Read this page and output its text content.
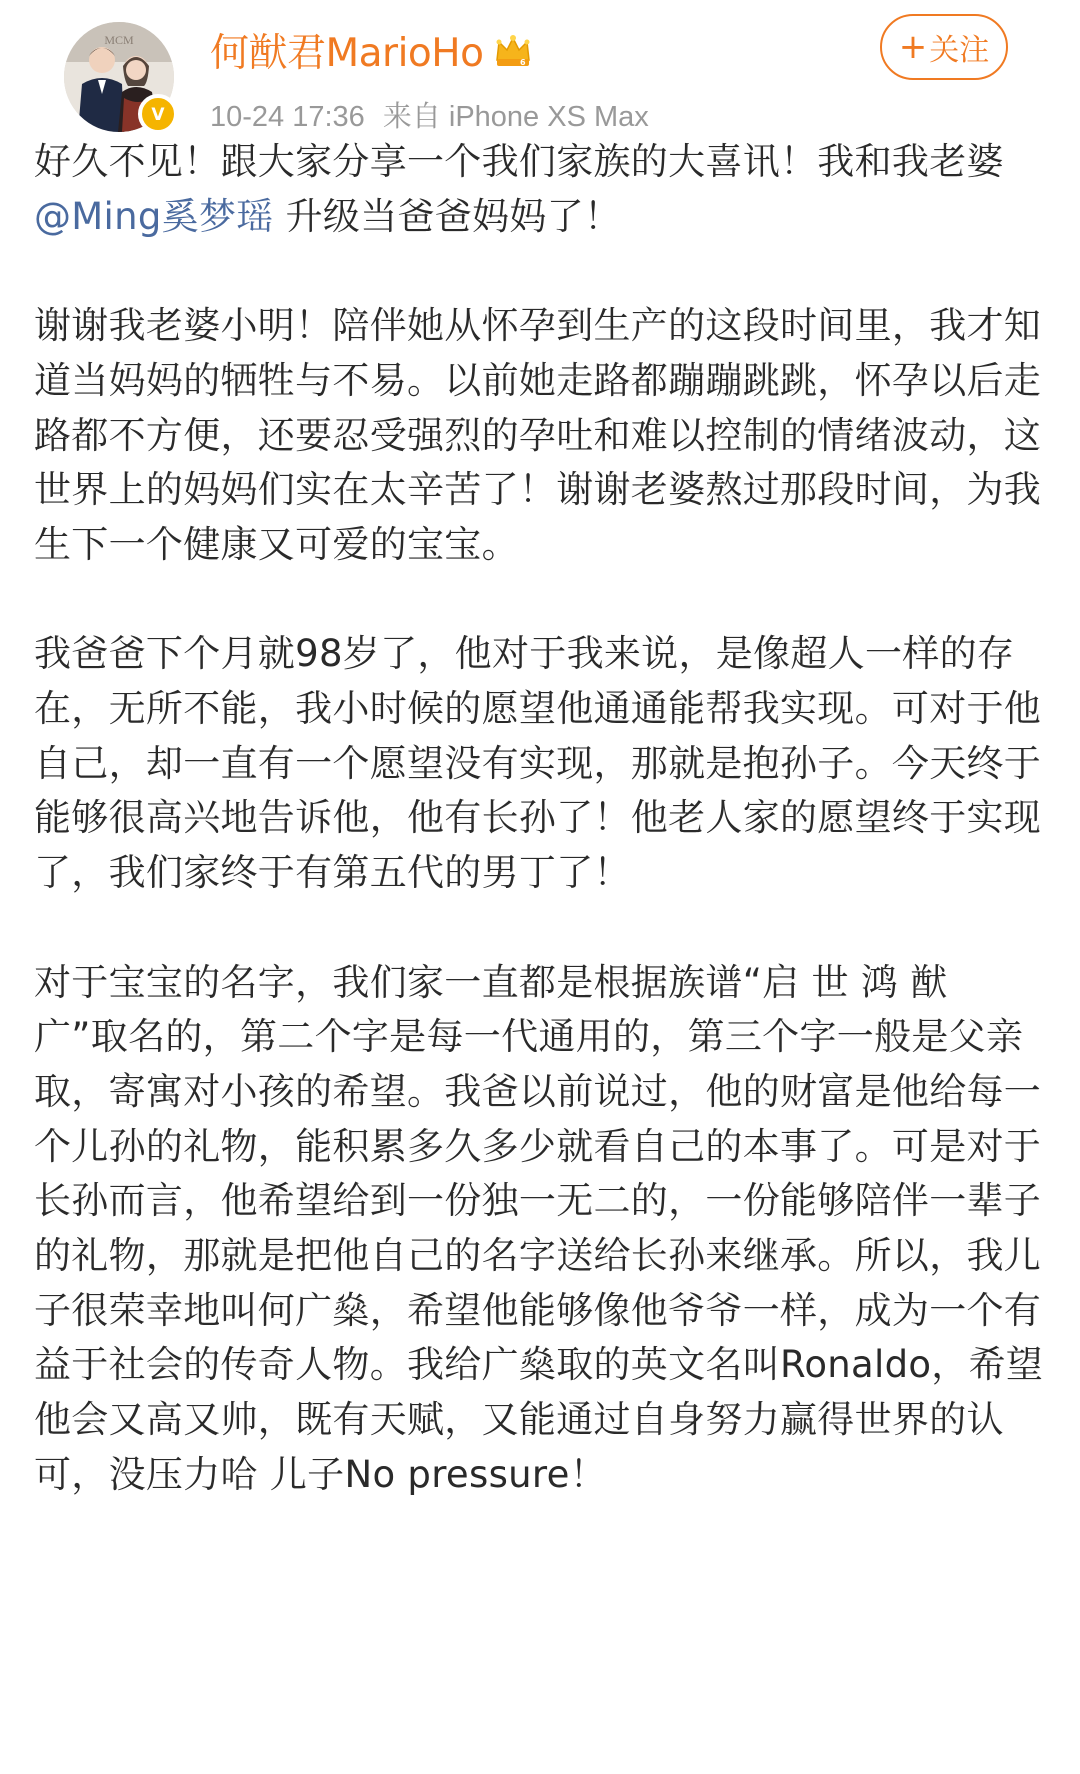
MCM
V
何猷君MarioHo	6
10-24 17:36 来自 iPhone XS Max
+ 关注

好久不见！跟大家分享一个我们家族的大喜讯！我和我老婆@Ming奚梦瑶 升级当爸爸妈妈了！

谢谢我老婆小明！陪伴她从怀孕到生产的这段时间里，我才知道当妈妈的牺牲与不易。以前她走路都蹦蹦跳跳，怀孕以后走路都不方便，还要忍受强烈的孕吐和难以控制的情绪波动，这世界上的妈妈们实在太辛苦了！谢谢老婆熬过那段时间，为我生下一个健康又可爱的宝宝。

我爸爸下个月就98岁了，他对于我来说，是像超人一样的存在，无所不能，我小时候的愿望他通通能帮我实现。可对于他自己，却一直有一个愿望没有实现，那就是抱孙子。今天终于能够很高兴地告诉他，他有长孙了！他老人家的愿望终于实现了，我们家终于有第五代的男丁了！

对于宝宝的名字，我们家一直都是根据族谱“启 世 鸿 猷 广”取名的，第二个字是每一代通用的，第三个字一般是父亲取，寄寓对小孩的希望。我爸以前说过，他的财富是他给每一个儿孙的礼物，能积累多久多少就看自己的本事了。可是对于长孙而言，他希望给到一份独一无二的，一份能够陪伴一辈子的礼物，那就是把他自己的名字送给长孙来继承。所以，我儿子很荣幸地叫何广燊，希望他能够像他爷爷一样，成为一个有益于社会的传奇人物。我给广燊取的英文名叫Ronaldo，希望他会又高又帅，既有天赋，又能通过自身努力赢得世界的认可，没压力哈 儿子No pressure！
